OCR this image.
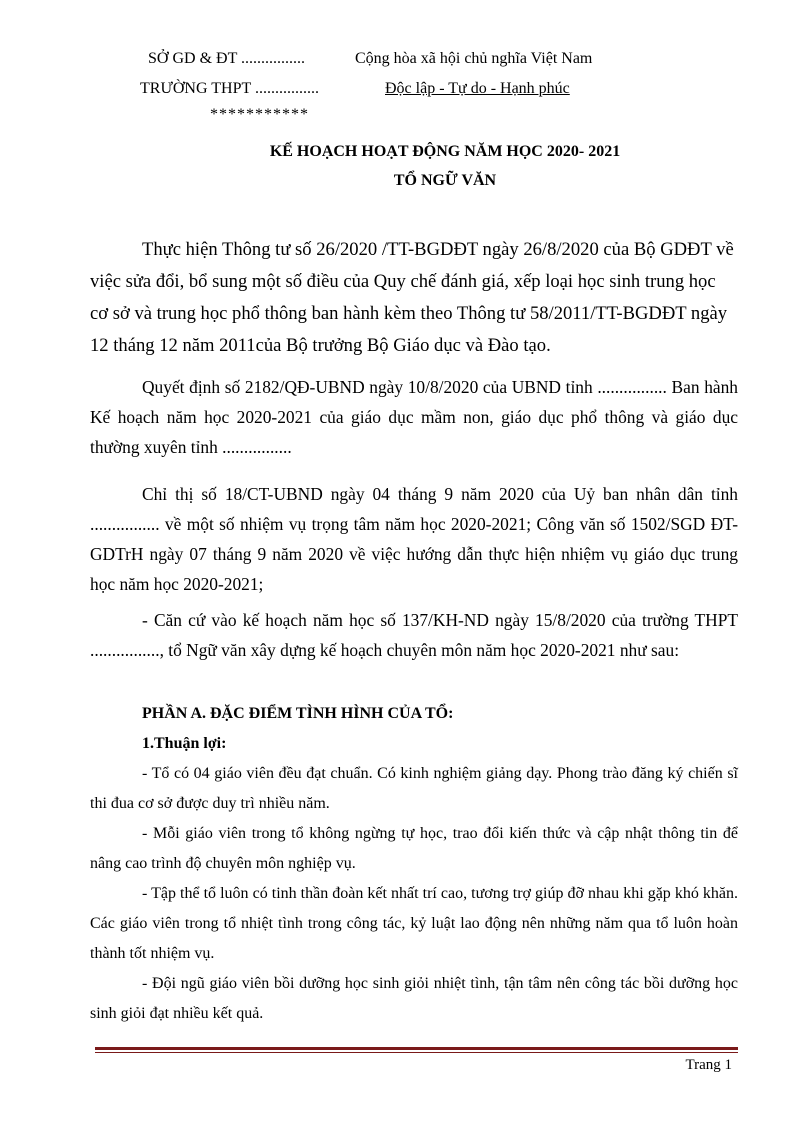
SỞ GD & ĐT ................
TRƯỜNG THPT ................
***********
Cộng hòa xã hội chủ nghĩa Việt Nam
Độc lập - Tự do - Hạnh phúc
KẾ HOẠCH HOẠT ĐỘNG NĂM HỌC 2020- 2021
TỔ NGỮ VĂN

Thực hiện Thông tư số 26/2020 /TT-BGDĐT ngày 26/8/2020 của Bộ GDĐT về việc sửa đổi, bổ sung một số điều của Quy chế đánh giá, xếp loại học sinh trung học cơ sở và trung học phổ thông ban hành kèm theo Thông tư 58/2011/TT-BGDĐT ngày 12 tháng 12 năm 2011của Bộ trưởng Bộ Giáo dục và Đào tạo.

Quyết định số 2182/QĐ-UBND ngày 10/8/2020 của UBND tỉnh ................ Ban hành Kế hoạch năm học 2020-2021 của giáo dục mầm non, giáo dục phổ thông và giáo dục thường xuyên tỉnh ................

Chỉ thị số 18/CT-UBND ngày 04 tháng 9 năm 2020 của Uỷ ban nhân dân tỉnh ................ về một số nhiệm vụ trọng tâm năm học 2020-2021; Công văn số 1502/SGD ĐT-GDTrH ngày 07 tháng 9 năm 2020 về việc hướng dẫn thực hiện nhiệm vụ giáo dục trung học năm học 2020-2021;

- Căn cứ vào kế hoạch năm học số 137/KH-ND ngày 15/8/2020 của trường THPT ................, tổ Ngữ văn xây dựng kế hoạch chuyên môn năm học 2020-2021 như sau:

PHẦN A. ĐẶC ĐIỂM TÌNH HÌNH CỦA TỔ:

1.Thuận lợi:

- Tổ có 04 giáo viên đều đạt chuẩn. Có kinh nghiệm giảng dạy. Phong trào đăng ký chiến sĩ thi đua cơ sở được duy trì nhiều năm.

- Mỗi giáo viên trong tổ không ngừng tự học, trao đổi kiến thức và cập nhật thông tin để nâng cao trình độ chuyên môn nghiệp vụ.

- Tập thể tổ luôn có tinh thần đoàn kết nhất trí cao, tương trợ giúp đỡ nhau khi gặp khó khăn. Các giáo viên trong tổ nhiệt tình trong công tác, kỷ luật lao động nên những năm qua tổ luôn hoàn thành tốt nhiệm vụ.

- Đội ngũ giáo viên bồi dưỡng học sinh giỏi nhiệt tình, tận tâm nên công tác bồi dưỡng học sinh giỏi đạt nhiều kết quả.

Trang 1
